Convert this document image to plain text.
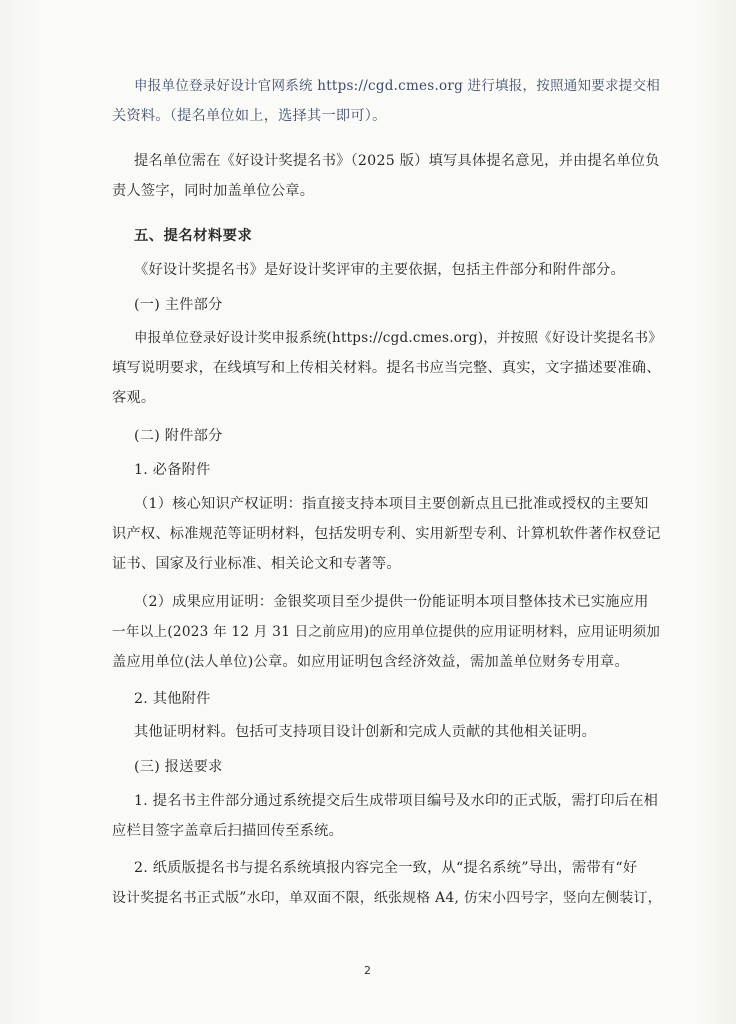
申报单位登录好设计官网系统 https://cgd.cmes.org 进行填报，按照通知要求提交相
关资料。（提名单位如上，选择其一即可）。
提名单位需在《好设计奖提名书》（2025 版）填写具体提名意见，并由提名单位负
责人签字，同时加盖单位公章。
五、提名材料要求
《好设计奖提名书》是好设计奖评审的主要依据，包括主件部分和附件部分。
(一) 主件部分
申报单位登录好设计奖申报系统(https://cgd.cmes.org)，并按照《好设计奖提名书》
填写说明要求，在线填写和上传相关材料。提名书应当完整、真实，文字描述要准确、
客观。
(二) 附件部分
1. 必备附件
（1）核心知识产权证明：指直接支持本项目主要创新点且已批准或授权的主要知
识产权、标准规范等证明材料，包括发明专利、实用新型专利、计算机软件著作权登记
证书、国家及行业标准、相关论文和专著等。
（2）成果应用证明：金银奖项目至少提供一份能证明本项目整体技术已实施应用
一年以上(2023 年 12 月 31 日之前应用)的应用单位提供的应用证明材料，应用证明须加
盖应用单位(法人单位)公章。如应用证明包含经济效益，需加盖单位财务专用章。
2. 其他附件
其他证明材料。包括可支持项目设计创新和完成人贡献的其他相关证明。
(三) 报送要求
1. 提名书主件部分通过系统提交后生成带项目编号及水印的正式版，需打印后在相
应栏目签字盖章后扫描回传至系统。
2. 纸质版提名书与提名系统填报内容完全一致，从“提名系统”导出，需带有“好
设计奖提名书正式版”水印，单双面不限，纸张规格 A4, 仿宋小四号字，竖向左侧装订，
2
